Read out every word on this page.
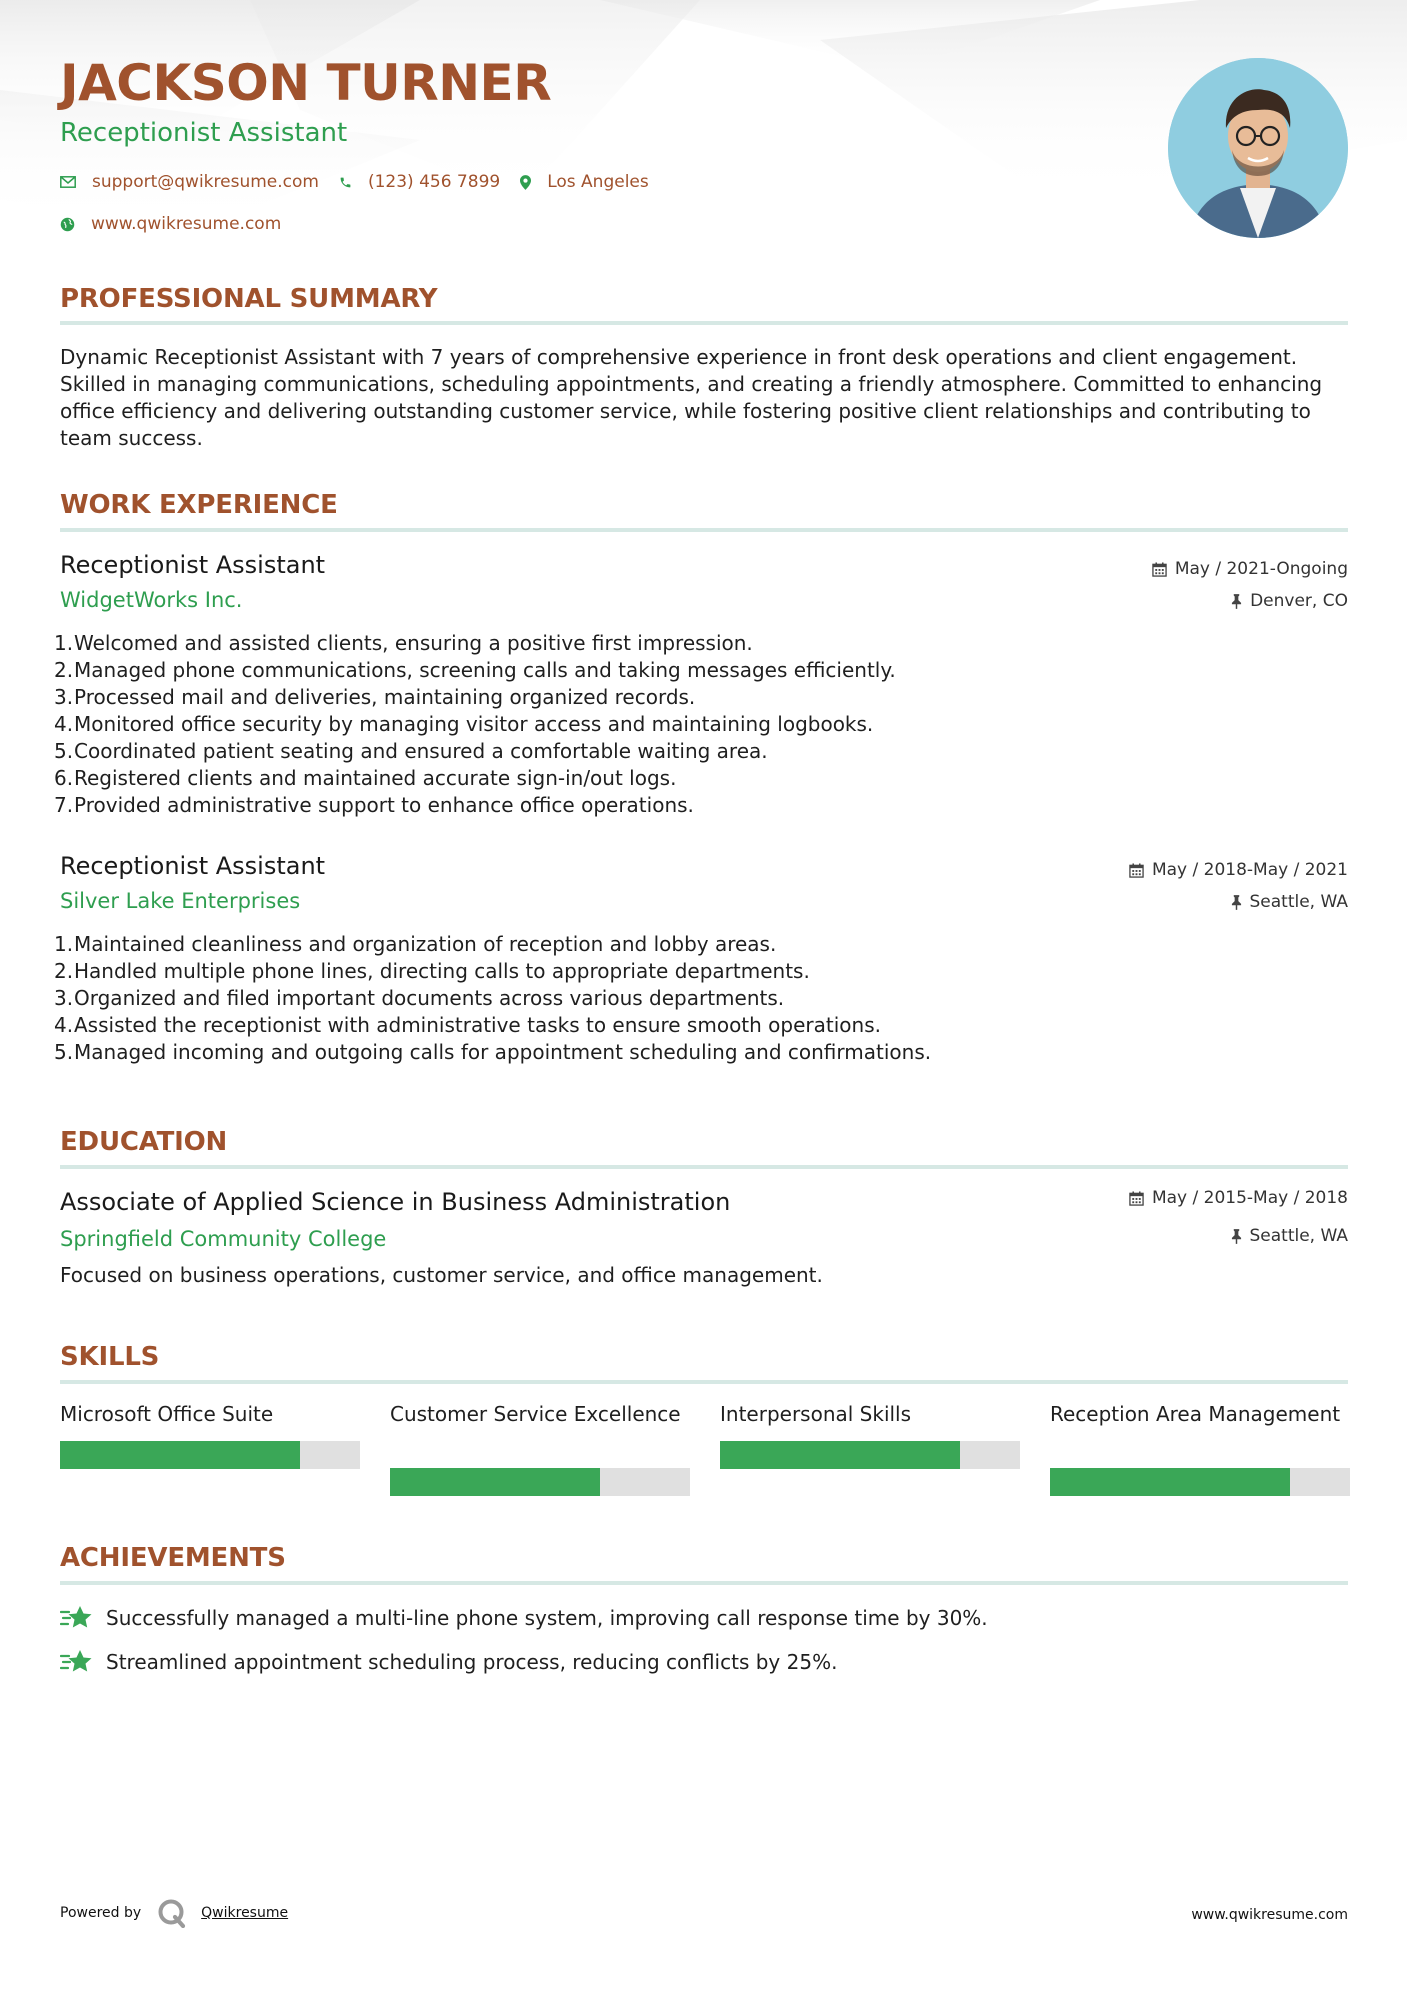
JACKSON TURNER
Receptionist Assistant
support@qwikresume.com	(123) 456 7899	Los Angeles
www.qwikresume.com
PROFESSIONAL SUMMARY

Dynamic Receptionist Assistant with 7 years of comprehensive experience in front desk operations and client engagement. Skilled in managing communications, scheduling appointments, and creating a friendly atmosphere. Committed to enhancing office efficiency and delivering outstanding customer service, while fostering positive client relationships and contributing to team success.

WORK EXPERIENCE
Receptionist Assistant
WidgetWorks Inc.
May / 2021-Ongoing
Denver, CO
1. Welcomed and assisted clients, ensuring a positive first impression.
2. Managed phone communications, screening calls and taking messages efficiently.
3. Processed mail and deliveries, maintaining organized records.
4. Monitored office security by managing visitor access and maintaining logbooks.
5. Coordinated patient seating and ensured a comfortable waiting area.
6. Registered clients and maintained accurate sign-in/out logs.
7. Provided administrative support to enhance office operations.
Receptionist Assistant
Silver Lake Enterprises
May / 2018-May / 2021
Seattle, WA
1. Maintained cleanliness and organization of reception and lobby areas.
2. Handled multiple phone lines, directing calls to appropriate departments.
3. Organized and filed important documents across various departments.
4. Assisted the receptionist with administrative tasks to ensure smooth operations.
5. Managed incoming and outgoing calls for appointment scheduling and confirmations.
EDUCATION
Associate of Applied Science in Business Administration
Springfield Community College
May / 2015-May / 2018
Seattle, WA

Focused on business operations, customer service, and office management.

SKILLS
Microsoft Office Suite	Customer Service Excellence	Interpersonal Skills	Reception Area Management
ACHIEVEMENTS
Successfully managed a multi-line phone system, improving call response time by 30%.
Streamlined appointment scheduling process, reducing conflicts by 25%.
Powered by	Qwikresume	www.qwikresume.com
